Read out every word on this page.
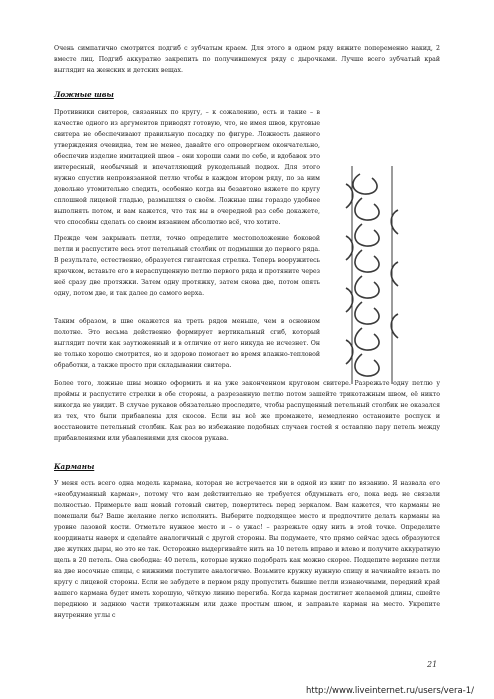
Очень симпатично смотрится подгиб с зубчатым краем. Для этого в одном ряду вяжите попеременно накид, 2 вместе лиц. Подгиб аккуратно закрепить по получившемуся ряду с дырочками. Лучше всего зубчатый край выглядит на женских и детских вещах.

Ложные швы

Противники свитеров, связанных по кругу, – к сожалению, есть и такие – в качестве одного из аргументов приводят готовую, что, не имея швов, круговые свитера не обеспечивают правильную посадку по фигуре. Ложность данного утверждения очевидна, тем не менее, давайте его опровергнем окончательно, обеспечив изделие имитацией швов – они хороши сами по себе, и вдобавок это интересный, необычный и впечатляющий рукодельный подвох. Для этого нужно спустив непровязанной петлю чтобы в каждом втором ряду, по за ним довольно утомительно следить, особенно когда вы безавтоно вяжете по кругу сплошной лицевой гладью, размышляя о своём. Ложные швы гораздо удобнее выполнять потом, и вам кажется, что так вы в очередной раз себе докажете, что способны сделать со своим вязанием абсолютно всё, что хотите.

Прежде чем закрывать петли, точно определите местоположение боковой петли и распустите весь этот петельный столбик от подмышки до первого ряда. В результате, естественно, образуется гигантская стрелка. Теперь вооружитесь крючком, вставьте его в нераспущенную петлю первого ряда и протяните через неё сразу две протяжки. Затем одну протяжку, затем снова две, потом опять одну, потом две, и так далее до самого верха.

Таким образом, в шве окажется на треть рядов меньше, чем в основном полотне. Это весьма действенно формирует вертикальный сгиб, который выглядит почти как заутюженный и в отличие от него никуда не исчезнет. Он не только хорошо смотрится, но и здорово помогает во время влажно-тепловой обработки, а также просто при складывании свитера.

Более того, ложные швы можно оформить и на уже законченном круговом свитере. Разрежьте одну петлю у проймы и распустите стрелки в обе стороны, а разрезанную петлю потом зашейте трикотажным швом, её никто никогда не увидит. В случае рукавов обязательно проследите, чтобы распущенный петельный столбик не оказался из тех, что были прибавлены для скосов. Если вы всё же промажете, немедленно остановите роспуск и восстановите петельный столбик. Как раз во избежание подобных случаев гостей я оставляю пару петель между прибавлениями или убавлениями для скосов рукава.

Карманы

У меня есть всего одна модель кармана, которая не встречается ни в одной из книг по вязанию. Я назвала его «необдуманный карман», потому что вам действительно не требуется обдумывать его, пока ведь не связали полностью. Примерьте ваш новый готовый свитер, повертитесь перед зеркалом. Вам кажется, что карманы не помешали бы? Ваше желание легко исполнить. Выберите подходящее место и предпочтите делать карманы на уровне лазовой кости. Отметьте нужное место и – о ужас! – разрежьте одну нить в этой точке. Определите координаты наверх и сделайте аналогичный с другой стороны. Вы подумаете, что прямо сейчас здесь образуются две жутких дыры, но это не так. Осторожно выдергивайте нить на 10 петель вправо и влево и получите аккуратную щель в 20 петель. Она свободна: 40 петель, которые нужно подобрать как можно скорее. Подцепите верхние петли на две носочные спицы, с нижними поступите аналогично. Возьмите кружку нужную спицу и начинайте вязать по кругу с лицевой стороны. Если не забудете в первом ряду пропустить бывшие петли изнаночными, передний край вашего кармана будет иметь хорошую, чёткую линию перегиба. Когда карман достигнет желаемой длины, сшейте переднюю и заднюю части трикотажным или даже простым швом, и заправьте карман на место. Укрепите внутренние углы с

21
http://www.liveinternet.ru/users/vera-1/
